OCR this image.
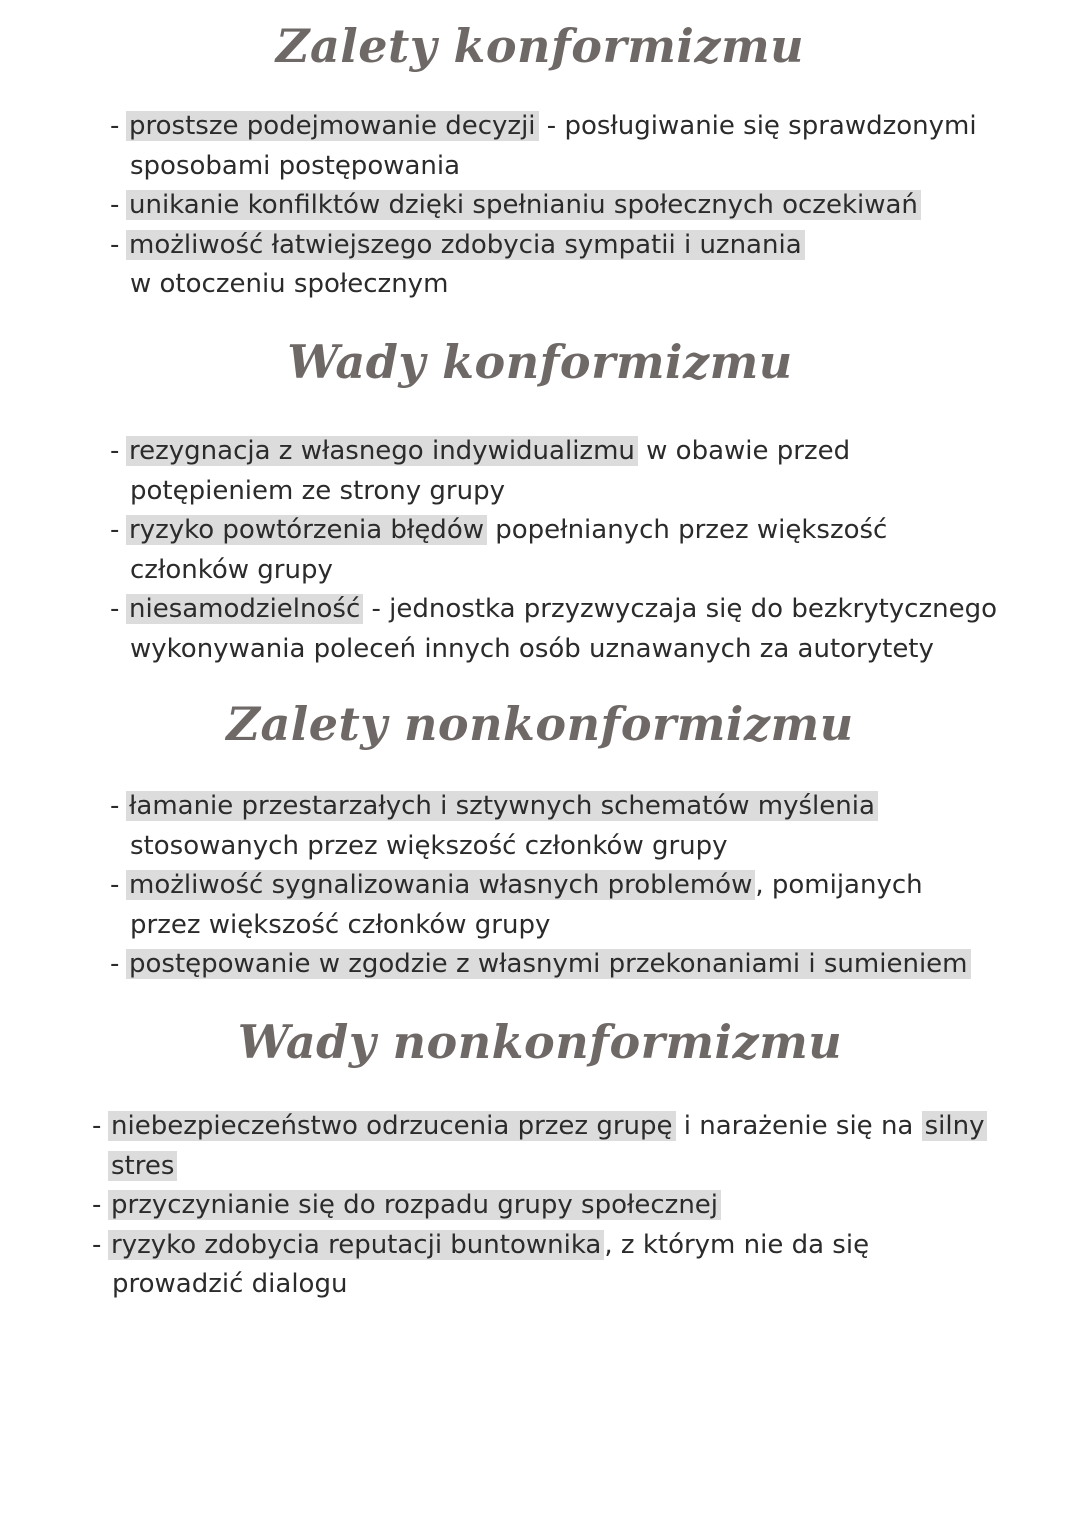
Zalety konformizmu
- prostsze podejmowanie decyzji - posługiwanie się sprawdzonymi
sposobami postępowania
- unikanie konfilktów dzięki spełnianiu społecznych oczekiwań
- możliwość łatwiejszego zdobycia sympatii i uznania
w otoczeniu społecznym
Wady konformizmu
- rezygnacja z własnego indywidualizmu w obawie przed
potępieniem ze strony grupy
- ryzyko powtórzenia błędów popełnianych przez większość
członków grupy
- niesamodzielność - jednostka przyzwyczaja się do bezkrytycznego
wykonywania poleceń innych osób uznawanych za autorytety
Zalety nonkonformizmu
- łamanie przestarzałych i sztywnych schematów myślenia
stosowanych przez większość członków grupy
- możliwość sygnalizowania własnych problemów , pomijanych
przez większość członków grupy
- postępowanie w zgodzie z własnymi przekonaniami i sumieniem
Wady nonkonformizmu
- niebezpieczeństwo odrzucenia przez grupę i narażenie się na silny
stres
- przyczynianie się do rozpadu grupy społecznej
- ryzyko zdobycia reputacji buntownika , z którym nie da się
prowadzić dialogu
